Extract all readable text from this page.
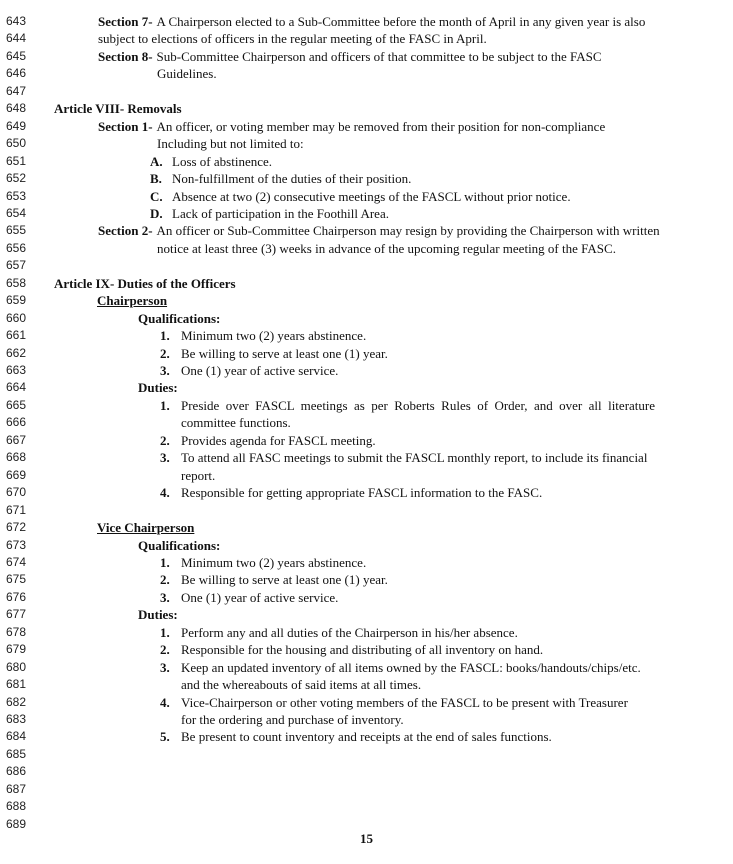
643
644
645
646
647
648
649
650
651
652
653
654
655
656
657
658
659
660
661
662
663
664
665
666
667
668
669
670
671
672
673
674
675
676
677
678
679
680
681
682
683
684
685
686
687
688
689
A Chairperson elected to a Sub-Committee before the month of April in any given year is also
Section 7-
subject to elections of officers in the regular meeting of the FASC in April.
Sub-Committee Chairperson and officers of that committee to be subject to the FASC
Section 8-
Guidelines.
Article VIII- Removals
An officer, or voting member may be removed from their position for non-compliance
Section 1-
Including but not limited to:
A. Loss of abstinence.
B. Non-fulfillment of the duties of their position.
C. Absence at two (2) consecutive meetings of the FASCL without prior notice.
D. Lack of participation in the Foothill Area.
An officer or Sub-Committee Chairperson may resign by providing the Chairperson with written
Section 2-
notice at least three (3) weeks in advance of the upcoming regular meeting of the FASC.
Article IX- Duties of the Officers
Chairperson
Qualifications:
1. Minimum two (2) years abstinence.
2. Be willing to serve at least one (1) year.
3. One (1) year of active service.
Duties:
1. Preside over FASCL meetings as per Roberts Rules of Order, and over all literature
committee functions.
2. Provides agenda for FASCL meeting.
3. To attend all FASC meetings to submit the FASCL monthly report, to include its financial
report.
4. Responsible for getting appropriate FASCL information to the FASC.
Vice Chairperson
Qualifications:
1. Minimum two (2) years abstinence.
2. Be willing to serve at least one (1) year.
3. One (1) year of active service.
Duties:
1. Perform any and all duties of the Chairperson in his/her absence.
2. Responsible for the housing and distributing of all inventory on hand.
3. Keep an updated inventory of all items owned by the FASCL: books/handouts/chips/etc.
and the whereabouts of said items at all times.
4. Vice-Chairperson or other voting members of the FASCL to be present with Treasurer
for the ordering and purchase of inventory.
5. Be present to count inventory and receipts at the end of sales functions.
15
